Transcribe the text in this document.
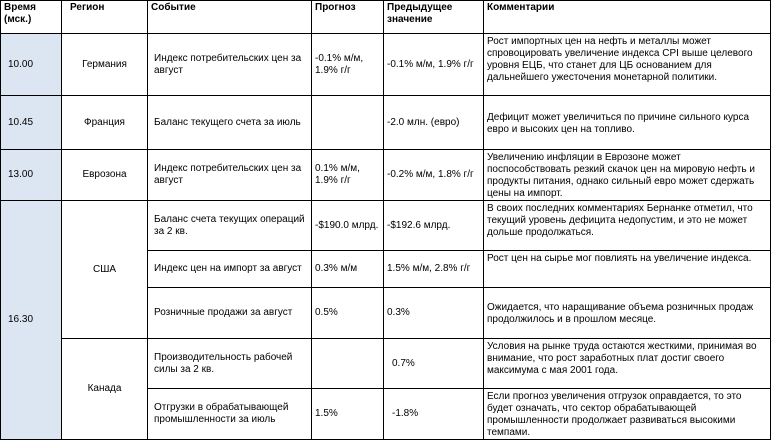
Время (мск.)	Регион	Событие	Прогноз	Предыдущее значение	Комментарии
10.00	Германия	Индекс потребительских цен за август	-0.1% м/м, 1.9% г/г	-0.1% м/м, 1.9% г/г	Рост импортных цен на нефть и металлы может спровоцировать увеличение индекса CPI выше целевого уровня ЕЦБ, что станет для ЦБ основанием для дальнейшего ужесточения монетарной политики.
10.45	Франция	Баланс текущего счета за июль		-2.0 млн. (евро)	Дефицит может увеличиться по причине сильного курса евро и высоких цен на топливо.
13.00	Еврозона	Индекс потребительских цен за август	0.1% м/м, 1.9% г/г	-0.2% м/м, 1.8% г/г	Увеличению инфляции в Еврозоне может поспособствовать резкий скачок цен на мировую нефть и продукты питания, однако сильный евро может сдержать цены на импорт.
16.30	США	Баланс счета текущих операций за 2 кв.	-$190.0 млрд.	-$192.6 млрд.	В своих последних комментариях Бернанке отметил, что текущий уровень дефицита недопустим, и это не может дольше продолжаться.
		Индекс цен на импорт за август	0.3% м/м	1.5% м/м, 2.8% г/г	Рост цен на сырье мог повлиять на увеличение индекса.
		Розничные продажи за август	0.5%	0.3%	Ожидается, что наращивание объема розничных продаж продолжилось и в прошлом месяце.
	Канада	Производительность рабочей силы за 2 кв.		0.7%	Условия на рынке труда остаются жесткими, принимая во внимание, что рост заработных плат достиг своего максимума с мая 2001 года.
		Отгрузки в обрабатывающей промышленности за июль	1.5%	-1.8%	Если прогноз увеличения отгрузок оправдается, то это будет означать, что сектор обрабатывающей промышленности продолжает развиваться высокими темпами.
